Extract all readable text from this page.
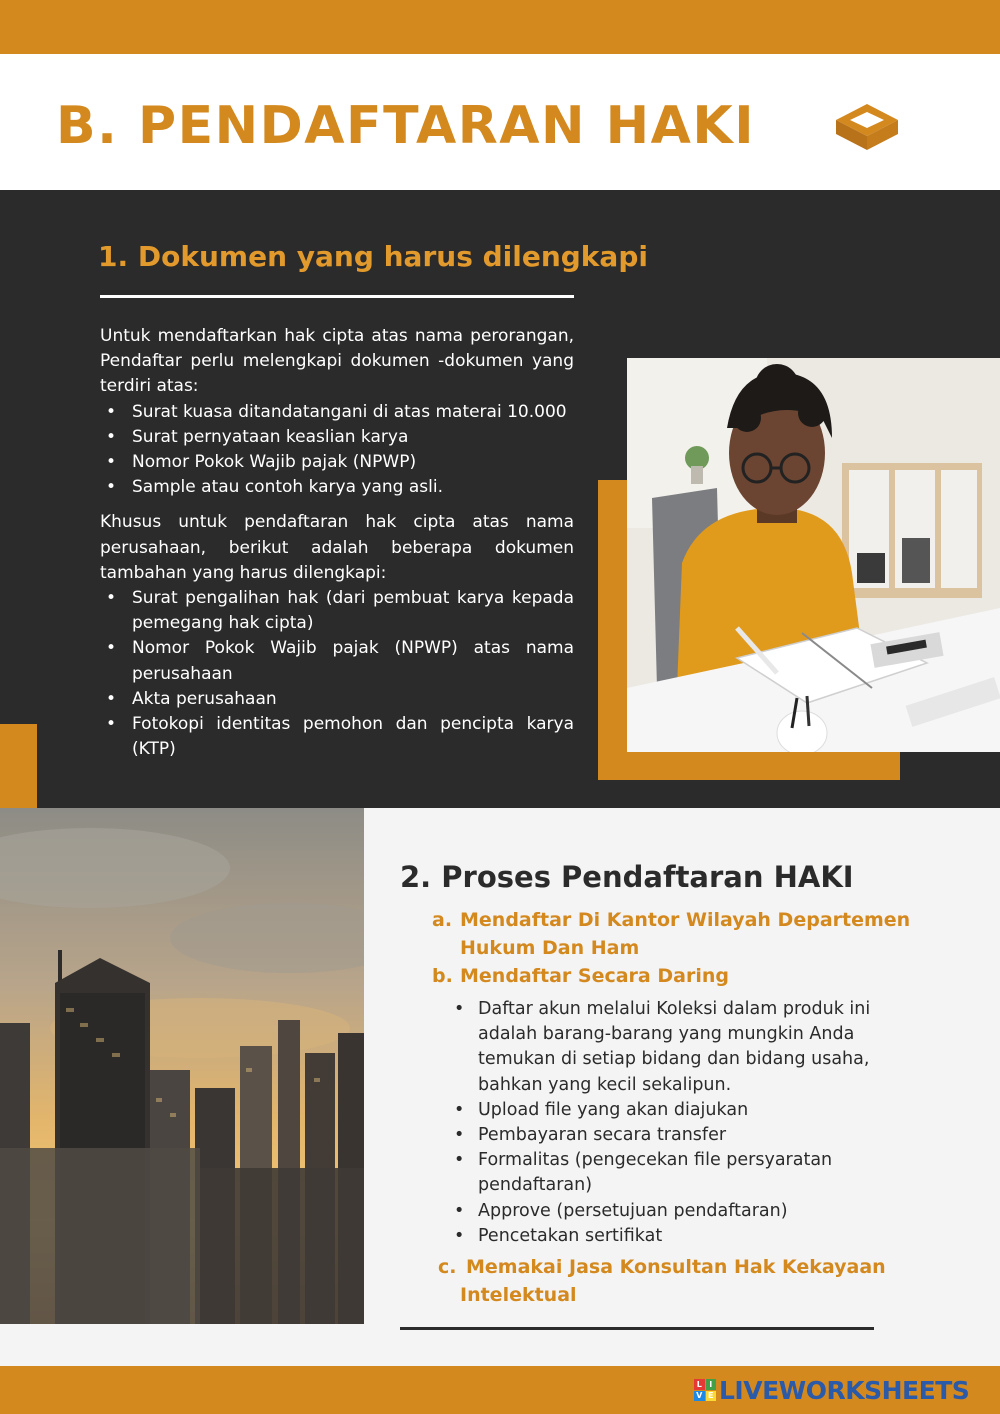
B. PENDAFTARAN HAKI
1. Dokumen yang harus dilengkapi

Untuk mendaftarkan hak cipta atas nama perorangan, Pendaftar perlu melengkapi dokumen -dokumen yang terdiri atas:

• Surat kuasa ditandatangani di atas materai 10.000
• Surat pernyataan keaslian karya
• Nomor Pokok Wajib pajak (NPWP)
• Sample atau contoh karya yang asli.

Khusus untuk pendaftaran hak cipta atas nama perusahaan, berikut adalah beberapa dokumen tambahan yang harus dilengkapi:

• Surat pengalihan hak (dari pembuat karya kepada pemegang hak cipta)
• Nomor Pokok Wajib pajak (NPWP) atas nama perusahaan
• Akta perusahaan
• Fotokopi identitas pemohon dan pencipta karya (KTP)
2. Proses Pendaftaran HAKI
a. Mendaftar Di Kantor Wilayah Departemen
Hukum Dan Ham
b. Mendaftar Secara Daring
• Daftar akun melalui Koleksi dalam produk ini adalah barang-barang yang mungkin Anda temukan di setiap bidang dan bidang usaha, bahkan yang kecil sekalipun.
• Upload file yang akan diajukan
• Pembayaran secara transfer
• Formalitas (pengecekan file persyaratan pendaftaran)
• Approve (persetujuan pendaftaran)
• Pencetakan sertifikat
c. Memakai Jasa Konsultan Hak Kekayaan
Intelektual
L I
V E LIVEWORKSHEETS
